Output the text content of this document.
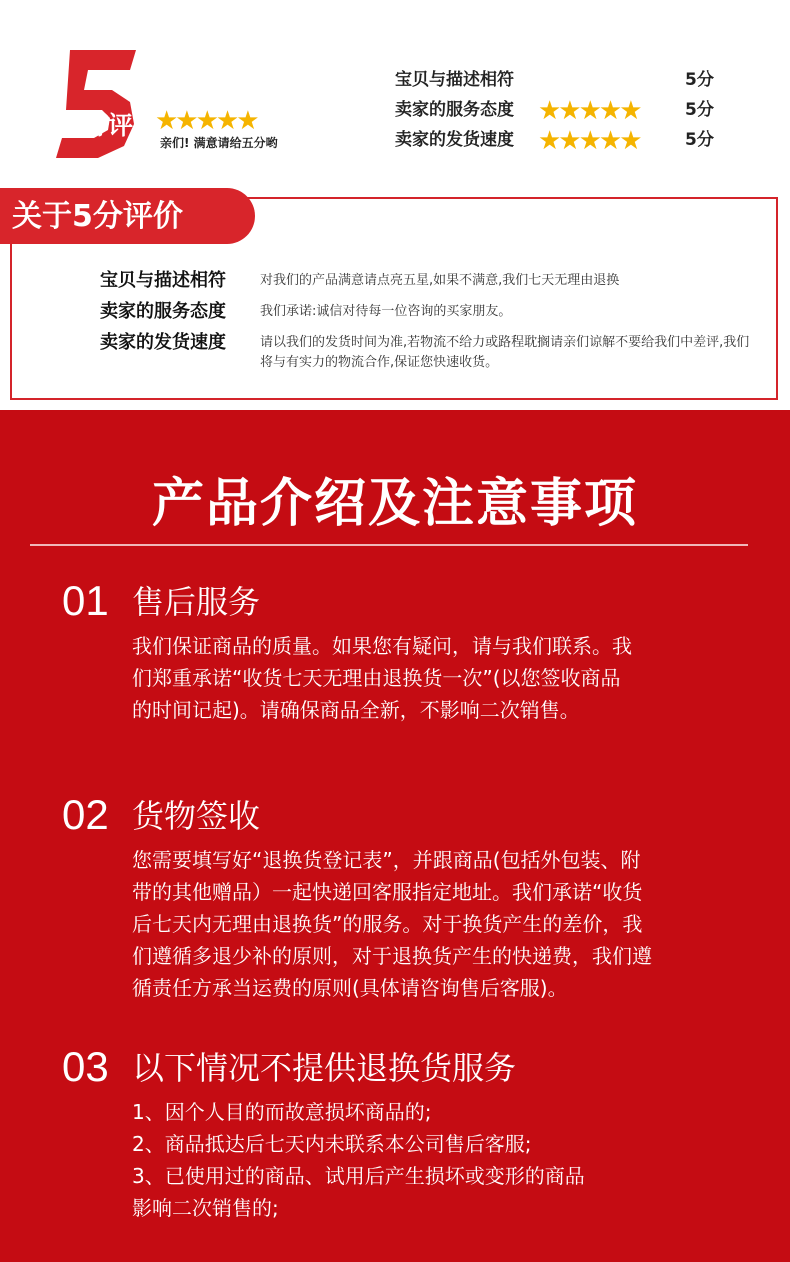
分好评 ★★★★★
亲们! 满意请给五分哟
宝贝与描述相符	5分
卖家的服务态度 ★★★★★	5分
卖家的发货速度 ★★★★★	5分
关于5分评价
宝贝与描述相符	对我们的产品满意请点亮五星,如果不满意,我们七天无理由退换
卖家的服务态度	我们承诺:诚信对待每一位咨询的买家朋友。
卖家的发货速度	请以我们的发货时间为准,若物流不给力或路程耽搁请亲们谅解不要给我们中差评,我们将与有实力的物流合作,保证您快速收货。
产品介绍及注意事项
01 售后服务

我们保证商品的质量。如果您有疑问，请与我们联系。我

们郑重承诺“收货七天无理由退换货一次”(以您签收商品

的时间记起)。请确保商品全新，不影响二次销售。

02 货物签收

您需要填写好“退换货登记表”，并跟商品(包括外包装、附

带的其他赠品）一起快递回客服指定地址。我们承诺“收货

后七天内无理由退换货”的服务。对于换货产生的差价，我

们遵循多退少补的原则，对于退换货产生的快递费，我们遵

循责任方承当运费的原则(具体请咨询售后客服)。

03 以下情况不提供退换货服务

1、因个人目的而故意损坏商品的;

2、商品抵达后七天内未联系本公司售后客服;

3、已使用过的商品、试用后产生损坏或变形的商品

影响二次销售的;
